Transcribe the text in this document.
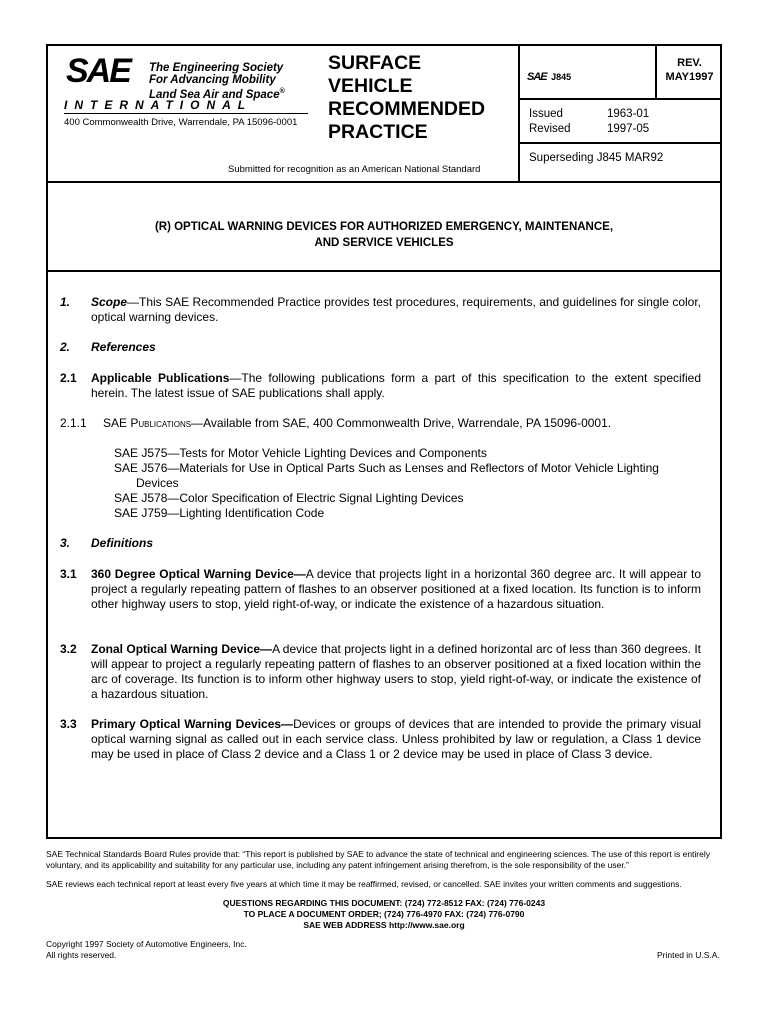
SAE The Engineering Society
For Advancing Mobility
Land Sea Air and Space®
INTERNATIONAL
400 Commonwealth Drive, Warrendale, PA 15096-0001
SURFACE
VEHICLE
RECOMMENDED
PRACTICE
Submitted for recognition as an American National Standard
SAE J845
REV.
MAY1997
Issued	1963-01
Revised	1997-05
Superseding J845 MAR92
(R) OPTICAL WARNING DEVICES FOR AUTHORIZED EMERGENCY, MAINTENANCE,
AND SERVICE VEHICLES
1. Scope—This SAE Recommended Practice provides test procedures, requirements, and guidelines for single color, optical warning devices.
2. References
2.1 Applicable Publications—The following publications form a part of this specification to the extent specified herein. The latest issue of SAE publications shall apply.
2.1.1 SAE Publications—Available from SAE, 400 Commonwealth Drive, Warrendale, PA 15096-0001.
SAE J575—Tests for Motor Vehicle Lighting Devices and Components
SAE J576—Materials for Use in Optical Parts Such as Lenses and Reflectors of Motor Vehicle Lighting
Devices
SAE J578—Color Specification of Electric Signal Lighting Devices
SAE J759—Lighting Identification Code
3. Definitions
3.1 360 Degree Optical Warning Device—A device that projects light in a horizontal 360 degree arc. It will appear to project a regularly repeating pattern of flashes to an observer positioned at a fixed location. Its function is to inform other highway users to stop, yield right-of-way, or indicate the existence of a hazardous situation.
3.2 Zonal Optical Warning Device—A device that projects light in a defined horizontal arc of less than 360 degrees. It will appear to project a regularly repeating pattern of flashes to an observer positioned at a fixed location within the arc of coverage. Its function is to inform other highway users to stop, yield right-of-way, or indicate the existence of a hazardous situation.
3.3 Primary Optical Warning Devices—Devices or groups of devices that are intended to provide the primary visual optical warning signal as called out in each service class. Unless prohibited by law or regulation, a Class 1 device may be used in place of Class 2 device and a Class 1 or 2 device may be used in place of Class 3 device.
SAE Technical Standards Board Rules provide that: “This report is published by SAE to advance the state of technical and engineering sciences. The use of this report is entirely
voluntary, and its applicability and suitability for any particular use, including any patent infringement arising therefrom, is the sole responsibility of the user.”
SAE reviews each technical report at least every five years at which time it may be reaffirmed, revised, or cancelled. SAE invites your written comments and suggestions.
QUESTIONS REGARDING THIS DOCUMENT: (724) 772-8512 FAX: (724) 776-0243
TO PLACE A DOCUMENT ORDER; (724) 776-4970 FAX: (724) 776-0790
SAE WEB ADDRESS http://www.sae.org
Copyright 1997 Society of Automotive Engineers, Inc.
All rights reserved.	Printed in U.S.A.
